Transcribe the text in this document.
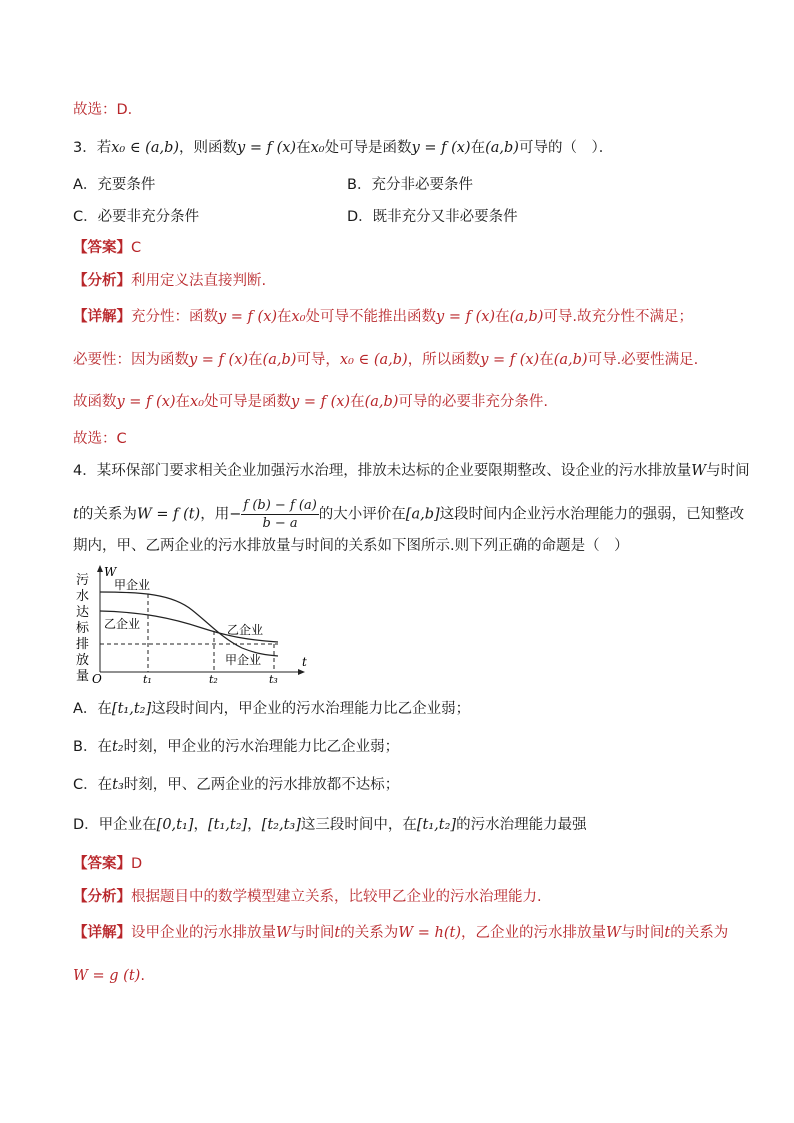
故选：D．
3．若x₀ ∈ (a,b)，则函数y = f (x)在x₀处可导是函数y = f (x)在(a,b)可导的（　）．
A．充要条件	B．充分非必要条件
C．必要非充分条件	D．既非充分又非必要条件
【答案】C
【分析】利用定义法直接判断.
【详解】充分性：函数y = f (x)在x₀处可导不能推出函数y = f (x)在(a,b)可导.故充分性不满足；
必要性：因为函数y = f (x)在(a,b)可导，x₀ ∈ (a,b)，所以函数y = f (x)在(a,b)可导.必要性满足.
故函数y = f (x)在x₀处可导是函数y = f (x)在(a,b)可导的必要非充分条件.
故选：C
4．某环保部门要求相关企业加强污水治理，排放未达标的企业要限期整改、设企业的污水排放量W与时间
t的关系为W = f (t)，用− $\frac{f (b) - f (a)}{b - a}$ 的大小评价在[a,b]这段时间内企业污水治理能力的强弱，已知整改
期内，甲、乙两企业的污水排放量与时间的关系如下图所示.则下列正确的命题是（　）
污
水
达
标
排
放
量
W
t
O
甲企业
乙企业	乙企业
甲企业
t₁	t₂	t₃
A．在[t₁,t₂]这段时间内，甲企业的污水治理能力比乙企业弱；
B．在t₂时刻，甲企业的污水治理能力比乙企业弱；
C．在t₃时刻，甲、乙两企业的污水排放都不达标；
D．甲企业在[0,t₁]，[t₁,t₂]，[t₂,t₃]这三段时间中，在[t₁,t₂]的污水治理能力最强
【答案】D
【分析】根据题目中的数学模型建立关系，比较甲乙企业的污水治理能力.
【详解】设甲企业的污水排放量W与时间t的关系为W = h(t)，乙企业的污水排放量W与时间t的关系为
W = g (t).
